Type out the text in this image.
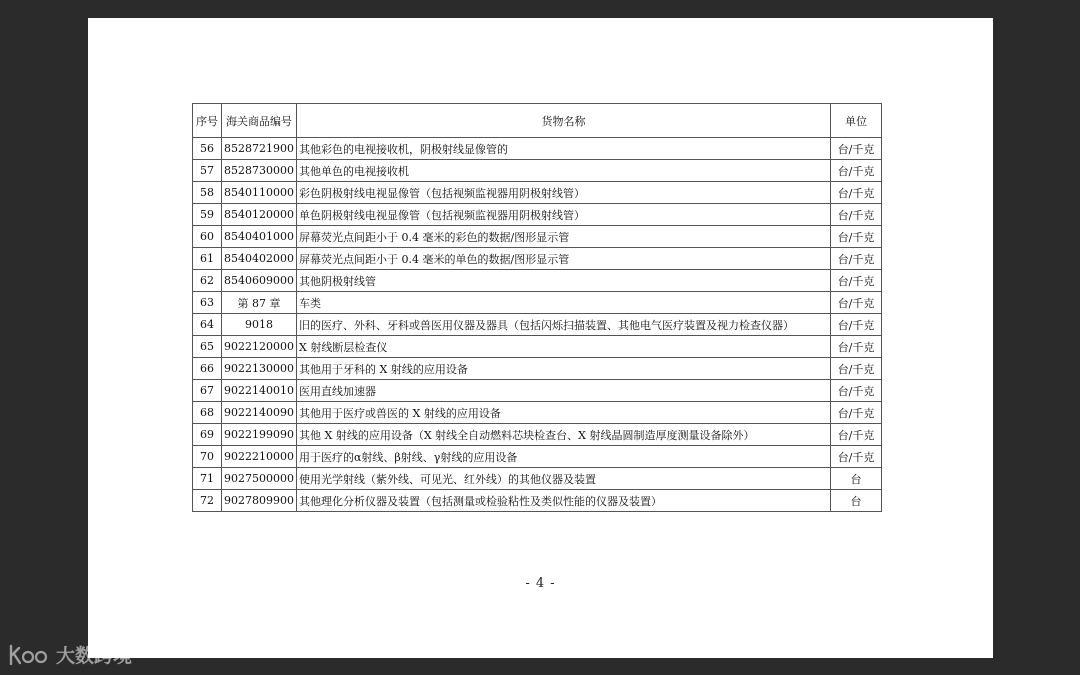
序号	海关商品编号	货物名称	单位
56	8528721900	其他彩色的电视接收机，阴极射线显像管的	台/千克
57	8528730000	其他单色的电视接收机	台/千克
58	8540110000	彩色阴极射线电视显像管（包括视频监视器用阴极射线管）	台/千克
59	8540120000	单色阴极射线电视显像管（包括视频监视器用阴极射线管）	台/千克
60	8540401000	屏幕荧光点间距小于 0.4 毫米的彩色的数据/图形显示管	台/千克
61	8540402000	屏幕荧光点间距小于 0.4 毫米的单色的数据/图形显示管	台/千克
62	8540609000	其他阴极射线管	台/千克
63	第 87 章	车类	台/千克
64	9018	旧的医疗、外科、牙科或兽医用仪器及器具（包括闪烁扫描装置、其他电气医疗装置及视力检查仪器）	台/千克
65	9022120000	X 射线断层检查仪	台/千克
66	9022130000	其他用于牙科的 X 射线的应用设备	台/千克
67	9022140010	医用直线加速器	台/千克
68	9022140090	其他用于医疗或兽医的 X 射线的应用设备	台/千克
69	9022199090	其他 X 射线的应用设备（X 射线全自动燃料芯块检查台、X 射线晶圆制造厚度测量设备除外）	台/千克
70	9022210000	用于医疗的α射线、β射线、γ射线的应用设备	台/千克
71	9027500000	使用光学射线（紫外线、可见光、红外线）的其他仪器及装置	台
72	9027809900	其他理化分析仪器及装置（包括测量或检验粘性及类似性能的仪器及装置）	台
- 4 -
大数跨境
